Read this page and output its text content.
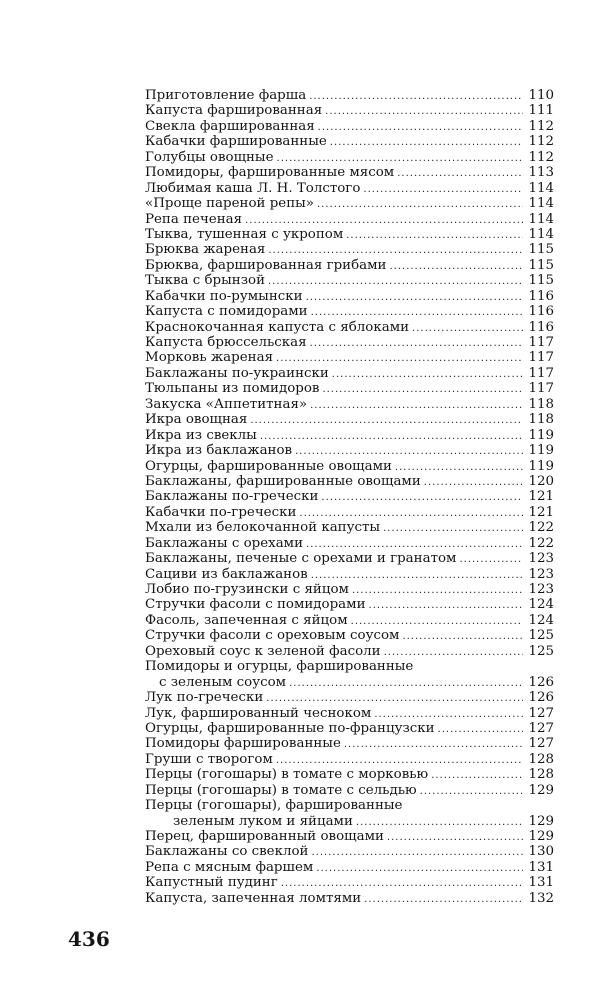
Приготовление фарша .....	110
Капуста фаршированная .....	111
Свекла фаршированная .....	112
Кабачки фаршированные .....	112
Голубцы овощные .....	112
Помидоры, фаршированные мясом .....	113
Любимая каша Л. Н. Толстого .....	114
«Проще пареной репы» .....	114
Репа печеная .....	114
Тыква, тушенная с укропом .....	114
Брюква жареная .....	115
Брюква, фаршированная грибами .....	115
Тыква с брынзой .....	115
Кабачки по-румынски .....	116
Капуста с помидорами .....	116
Краснокочанная капуста с яблоками .....	116
Капуста брюссельская .....	117
Морковь жареная .....	117
Баклажаны по-украински .....	117
Тюльпаны из помидоров .....	117
Закуска «Аппетитная» .....	118
Икра овощная .....	118
Икра из свеклы .....	119
Икра из баклажанов .....	119
Огурцы, фаршированные овощами .....	119
Баклажаны, фаршированные овощами .....	120
Баклажаны по-гречески .....	121
Кабачки по-гречески .....	121
Мхали из белокочанной капусты .....	122
Баклажаны с орехами .....	122
Баклажаны, печеные с орехами и гранатом .....	123
Сациви из баклажанов .....	123
Лобио по-грузински с яйцом .....	123
Стручки фасоли с помидорами .....	124
Фасоль, запеченная с яйцом .....	124
Стручки фасоли с ореховым соусом .....	125
Ореховый соус к зеленой фасоли .....	125
Помидоры и огурцы, фаршированные
с зеленым соусом .....	126
Лук по-гречески .....	126
Лук, фаршированный чесноком .....	127
Огурцы, фаршированные по-французски .....	127
Помидоры фаршированные .....	127
Груши с творогом .....	128
Перцы (гогошары) в томате с морковью .....	128
Перцы (гогошары) в томате с сельдью .....	129
Перцы (гогошары), фаршированные
зеленым луком и яйцами .....	129
Перец, фаршированный овощами .....	129
Баклажаны со свеклой .....	130
Репа с мясным фаршем .....	131
Капустный пудинг .....	131
Капуста, запеченная ломтями .....	132
436
